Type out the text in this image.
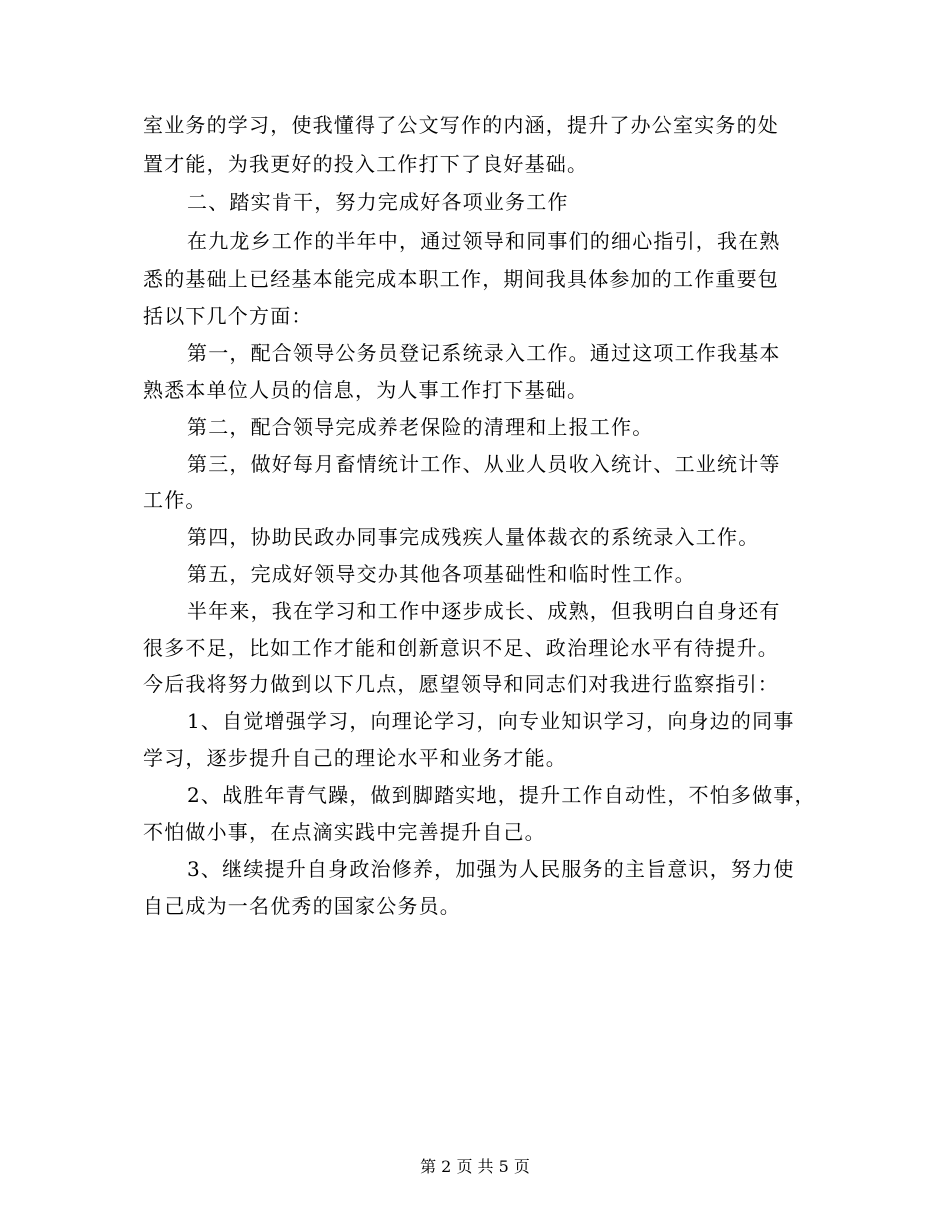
室业务的学习，使我懂得了公文写作的内涵，提升了办公室实务的处
置才能，为我更好的投入工作打下了良好基础。
二、踏实肯干，努力完成好各项业务工作
在九龙乡工作的半年中，通过领导和同事们的细心指引，我在熟
悉的基础上已经基本能完成本职工作，期间我具体参加的工作重要包
括以下几个方面：
第一，配合领导公务员登记系统录入工作。通过这项工作我基本
熟悉本单位人员的信息，为人事工作打下基础。
第二，配合领导完成养老保险的清理和上报工作。
第三，做好每月畜情统计工作、从业人员收入统计、工业统计等
工作。
第四，协助民政办同事完成残疾人量体裁衣的系统录入工作。
第五，完成好领导交办其他各项基础性和临时性工作。
半年来，我在学习和工作中逐步成长、成熟，但我明白自身还有
很多不足，比如工作才能和创新意识不足、政治理论水平有待提升。
今后我将努力做到以下几点，愿望领导和同志们对我进行监察指引：
1、自觉增强学习，向理论学习，向专业知识学习，向身边的同事
学习，逐步提升自己的理论水平和业务才能。
2、战胜年青气躁，做到脚踏实地，提升工作自动性，不怕多做事，
不怕做小事，在点滴实践中完善提升自己。
3、继续提升自身政治修养，加强为人民服务的主旨意识，努力使
自己成为一名优秀的国家公务员。
第 2 页 共 5 页
